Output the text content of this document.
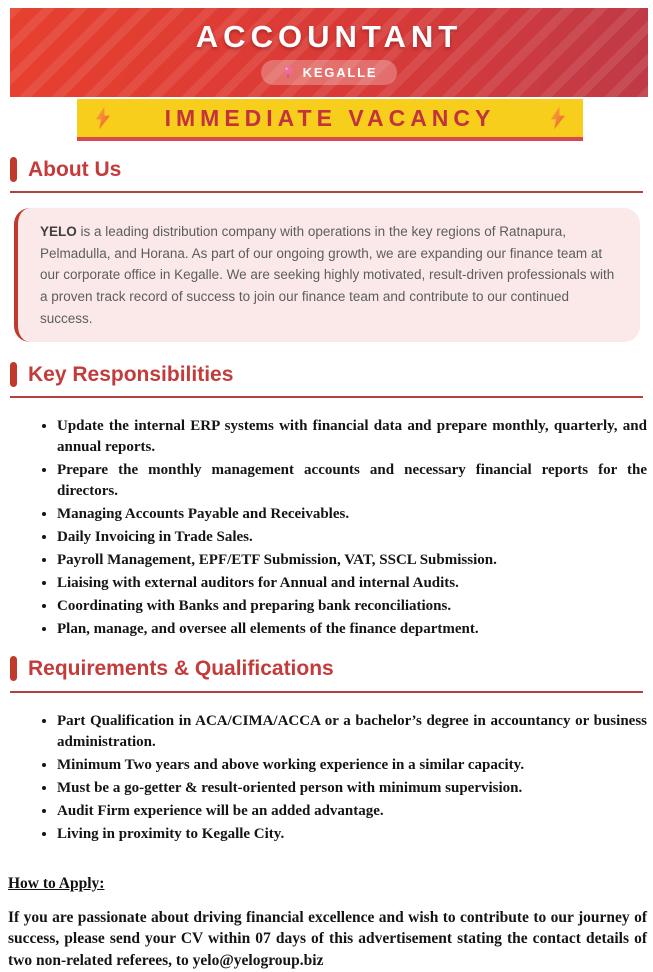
ACCOUNTANT
KEGALLE
IMMEDIATE VACANCY
About Us
YELO is a leading distribution company with operations in the key regions of Ratnapura, Pelmadulla, and Horana. As part of our ongoing growth, we are expanding our finance team at our corporate office in Kegalle. We are seeking highly motivated, result-driven professionals with a proven track record of success to join our finance team and contribute to our continued success.
Key Responsibilities
• Update the internal ERP systems with financial data and prepare monthly, quarterly, and annual reports.
• Prepare the monthly management accounts and necessary financial reports for the directors.
• Managing Accounts Payable and Receivables.
• Daily Invoicing in Trade Sales.
• Payroll Management, EPF/ETF Submission, VAT, SSCL Submission.
• Liaising with external auditors for Annual and internal Audits.
• Coordinating with Banks and preparing bank reconciliations.
• Plan, manage, and oversee all elements of the finance department.
Requirements & Qualifications
• Part Qualification in ACA/CIMA/ACCA or a bachelor’s degree in accountancy or business administration.
• Minimum Two years and above working experience in a similar capacity.
• Must be a go-getter & result-oriented person with minimum supervision.
• Audit Firm experience will be an added advantage.
• Living in proximity to Kegalle City.
How to Apply:

If you are passionate about driving financial excellence and wish to contribute to our journey of success, please send your CV within 07 days of this advertisement stating the contact details of two non-related referees, to yelo@yelogroup.biz
